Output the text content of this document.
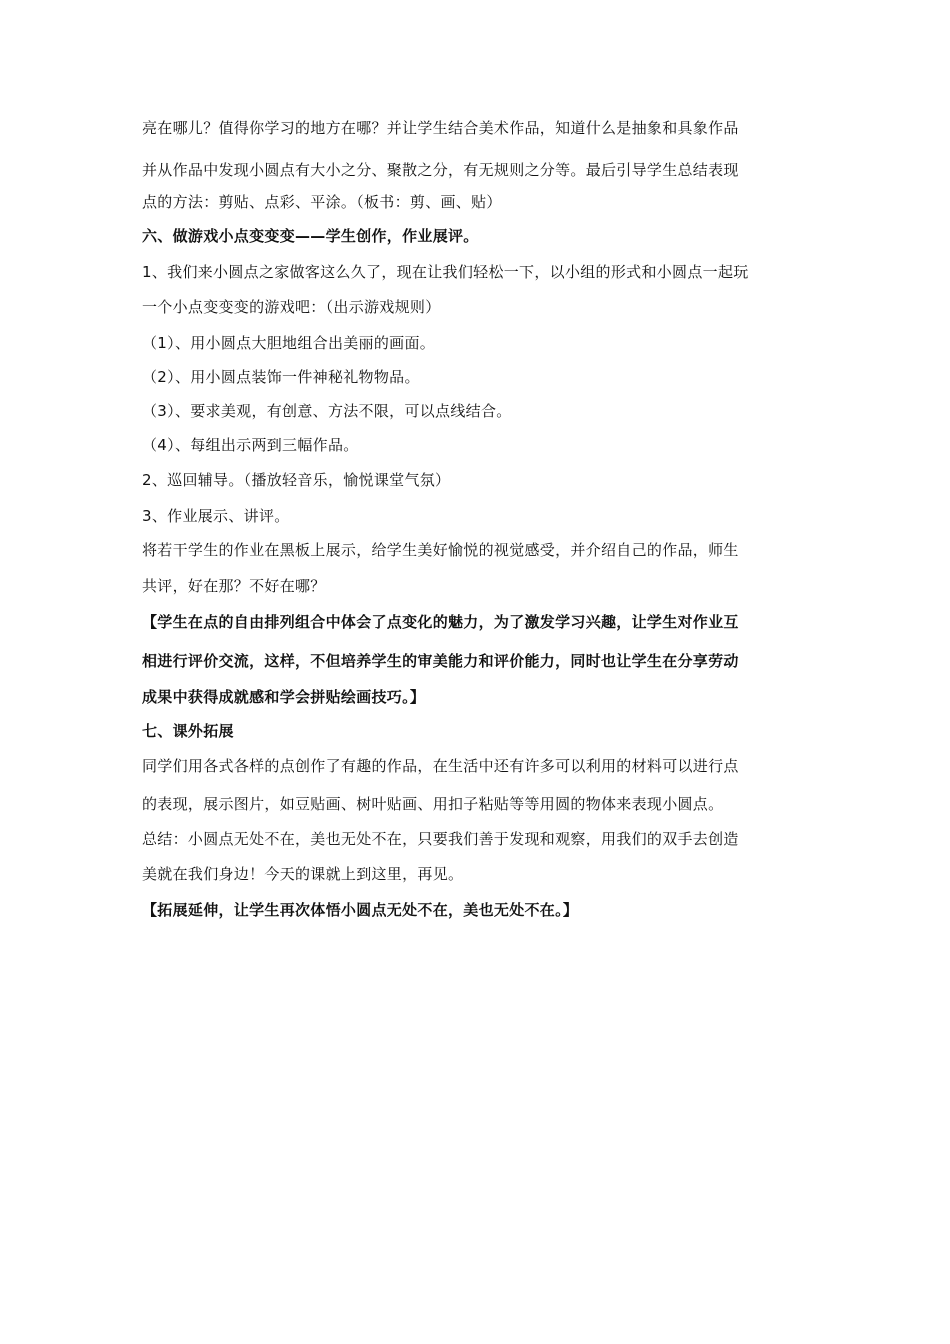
亮在哪儿？值得你学习的地方在哪？并让学生结合美术作品，知道什么是抽象和具象作品
并从作品中发现小圆点有大小之分、聚散之分，有无规则之分等。最后引导学生总结表现
点的方法：剪贴、点彩、平涂。（板书：剪、画、贴）
六、做游戏小点变变变——学生创作，作业展评。
1、我们来小圆点之家做客这么久了，现在让我们轻松一下，以小组的形式和小圆点一起玩
一个小点变变变的游戏吧：（出示游戏规则）
（1）、用小圆点大胆地组合出美丽的画面。
（2）、用小圆点装饰一件神秘礼物物品。
（3）、要求美观，有创意、方法不限，可以点线结合。
（4）、每组出示两到三幅作品。
2、巡回辅导。（播放轻音乐，愉悦课堂气氛）
3、作业展示、讲评。
将若干学生的作业在黑板上展示，给学生美好愉悦的视觉感受，并介绍自己的作品，师生
共评，好在那？不好在哪？
【学生在点的自由排列组合中体会了点变化的魅力，为了激发学习兴趣，让学生对作业互
相进行评价交流，这样，不但培养学生的审美能力和评价能力，同时也让学生在分享劳动
成果中获得成就感和学会拼贴绘画技巧。】
七、课外拓展
同学们用各式各样的点创作了有趣的作品，在生活中还有许多可以利用的材料可以进行点
的表现，展示图片，如豆贴画、树叶贴画、用扣子粘贴等等用圆的物体来表现小圆点。
总结：小圆点无处不在，美也无处不在，只要我们善于发现和观察，用我们的双手去创造
美就在我们身边！今天的课就上到这里，再见。
【拓展延伸，让学生再次体悟小圆点无处不在，美也无处不在。】
